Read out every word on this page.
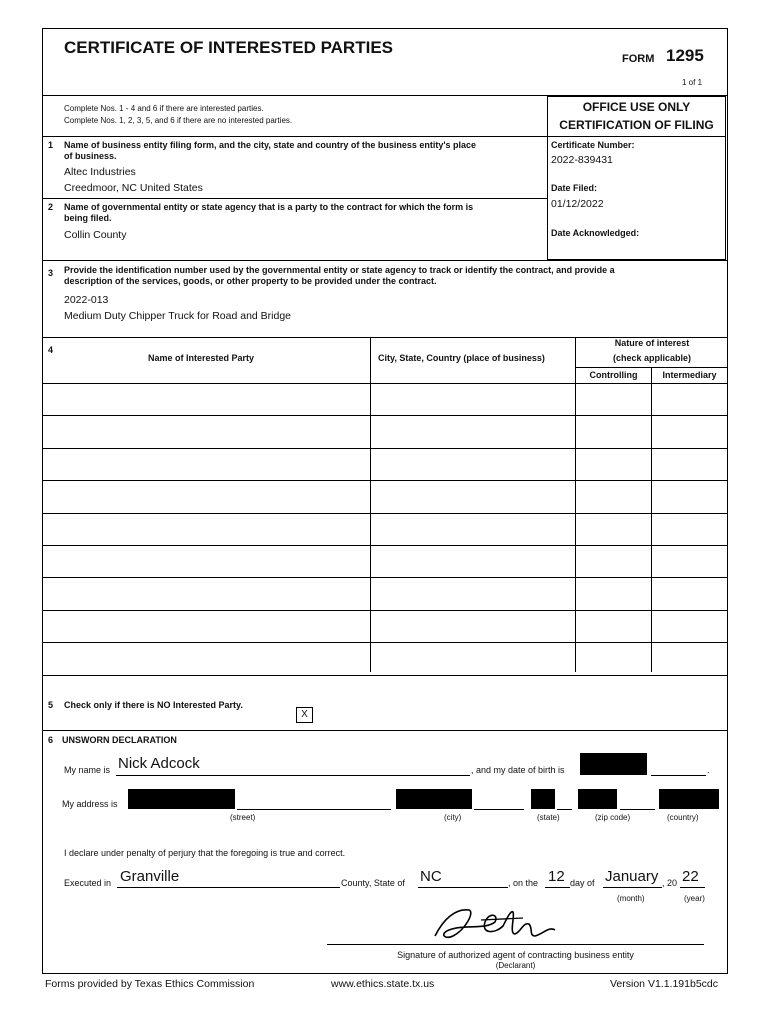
CERTIFICATE OF INTERESTED PARTIES
FORM 1295
1 of 1
Complete Nos. 1 - 4 and 6 if there are interested parties.
Complete Nos. 1, 2, 3, 5, and 6 if there are no interested parties.
OFFICE USE ONLY
CERTIFICATION OF FILING
Certificate Number:
2022-839431
Date Filed:
01/12/2022
Date Acknowledged:
1 Name of business entity filing form, and the city, state and country of the business entity's place
of business.
Altec Industries
Creedmoor, NC United States
2 Name of governmental entity or state agency that is a party to the contract for which the form is
being filed.
Collin County
3 Provide the identification number used by the governmental entity or state agency to track or identify the contract, and provide a
description of the services, goods, or other property to be provided under the contract.
2022-013
Medium Duty Chipper Truck for Road and Bridge
4
Name of Interested Party	City, State, Country (place of business)
Nature of interest
(check applicable)
Controlling	Intermediary
5 Check only if there is NO Interested Party.
X
6 UNSWORN DECLARATION
My name is Nick Adcock	, and my date of birth is	.
My address is
(street)	(city)	(state)	(zip code)	(country)
I declare under penalty of perjury that the foregoing is true and correct.
Executed in Granville	County, State of NC	, on the 12 day of January , 20 22
(month)	(year)
Signature of authorized agent of contracting business entity
(Declarant)
Forms provided by Texas Ethics Commission	www.ethics.state.tx.us	Version V1.1.191b5cdc
